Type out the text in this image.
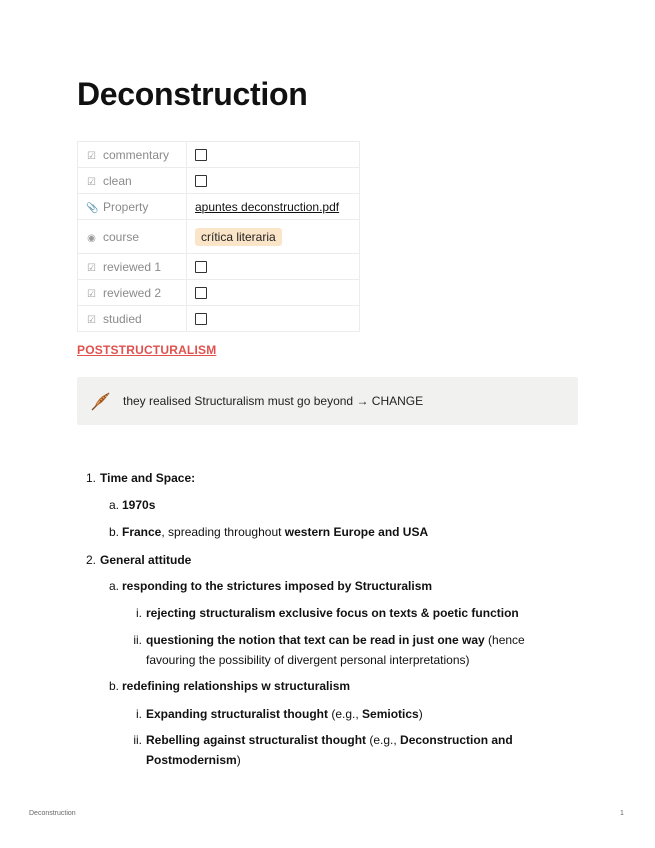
Deconstruction
☑ commentary	
☑ clean	
📎 Property	apuntes deconstruction.pdf
◉ course	crítica literaria
☑ reviewed 1	
☑ reviewed 2	
☑ studied	
POSTSTRUCTURALISM
they realised Structuralism must go beyond → CHANGE
1. Time and Space:
a. 1970s
b. France, spreading throughout western Europe and USA
2. General attitude
a. responding to the strictures imposed by Structuralism
i. rejecting structuralism exclusive focus on texts & poetic function
ii. questioning the notion that text can be read in just one way (hence
favouring the possibility of divergent personal interpretations)
b. redefining relationships w structuralism
i. Expanding structuralist thought (e.g., Semiotics)
ii. Rebelling against structuralist thought (e.g., Deconstruction and
Postmodernism)
Deconstruction	1
